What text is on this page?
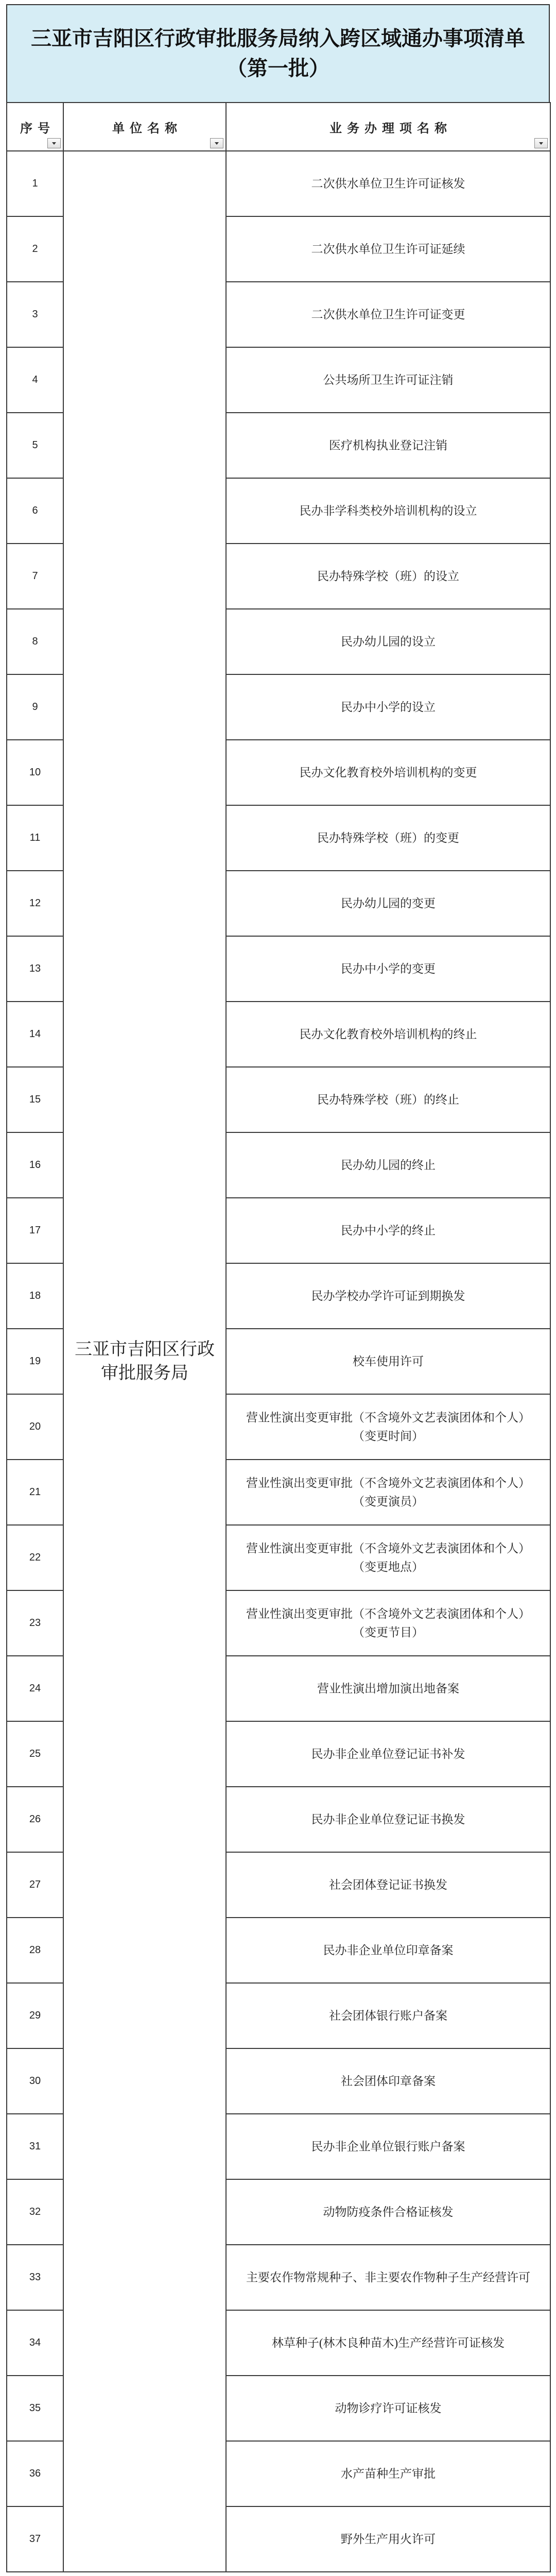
三亚市吉阳区行政审批服务局纳入跨区域通办事项清单
（第一批）
序号	单位名称	业务办理项名称

1	三亚市吉阳区行政审批服务局	二次供水单位卫生许可证核发
2		二次供水单位卫生许可证延续
3		二次供水单位卫生许可证变更
4		公共场所卫生许可证注销
5		医疗机构执业登记注销
6		民办非学科类校外培训机构的设立
7		民办特殊学校（班）的设立
8		民办幼儿园的设立
9		民办中小学的设立
10		民办文化教育校外培训机构的变更
11		民办特殊学校（班）的变更
12		民办幼儿园的变更
13		民办中小学的变更
14		民办文化教育校外培训机构的终止
15		民办特殊学校（班）的终止
16		民办幼儿园的终止
17		民办中小学的终止
18		民办学校办学许可证到期换发
19		校车使用许可
20		营业性演出变更审批（不含境外文艺表演团体和个人）
（变更时间）

21		营业性演出变更审批（不含境外文艺表演团体和个人）
（变更演员）

22		营业性演出变更审批（不含境外文艺表演团体和个人）
（变更地点）

23		营业性演出变更审批（不含境外文艺表演团体和个人）
（变更节目）

24		营业性演出增加演出地备案
25		民办非企业单位登记证书补发
26		民办非企业单位登记证书换发
27		社会团体登记证书换发
28		民办非企业单位印章备案
29		社会团体银行账户备案
30		社会团体印章备案
31		民办非企业单位银行账户备案
32		动物防疫条件合格证核发
33		主要农作物常规种子、非主要农作物种子生产经营许可
34		林草种子(林木良种苗木)生产经营许可证核发
35		动物诊疗许可证核发
36		水产苗种生产审批
37		野外生产用火许可
